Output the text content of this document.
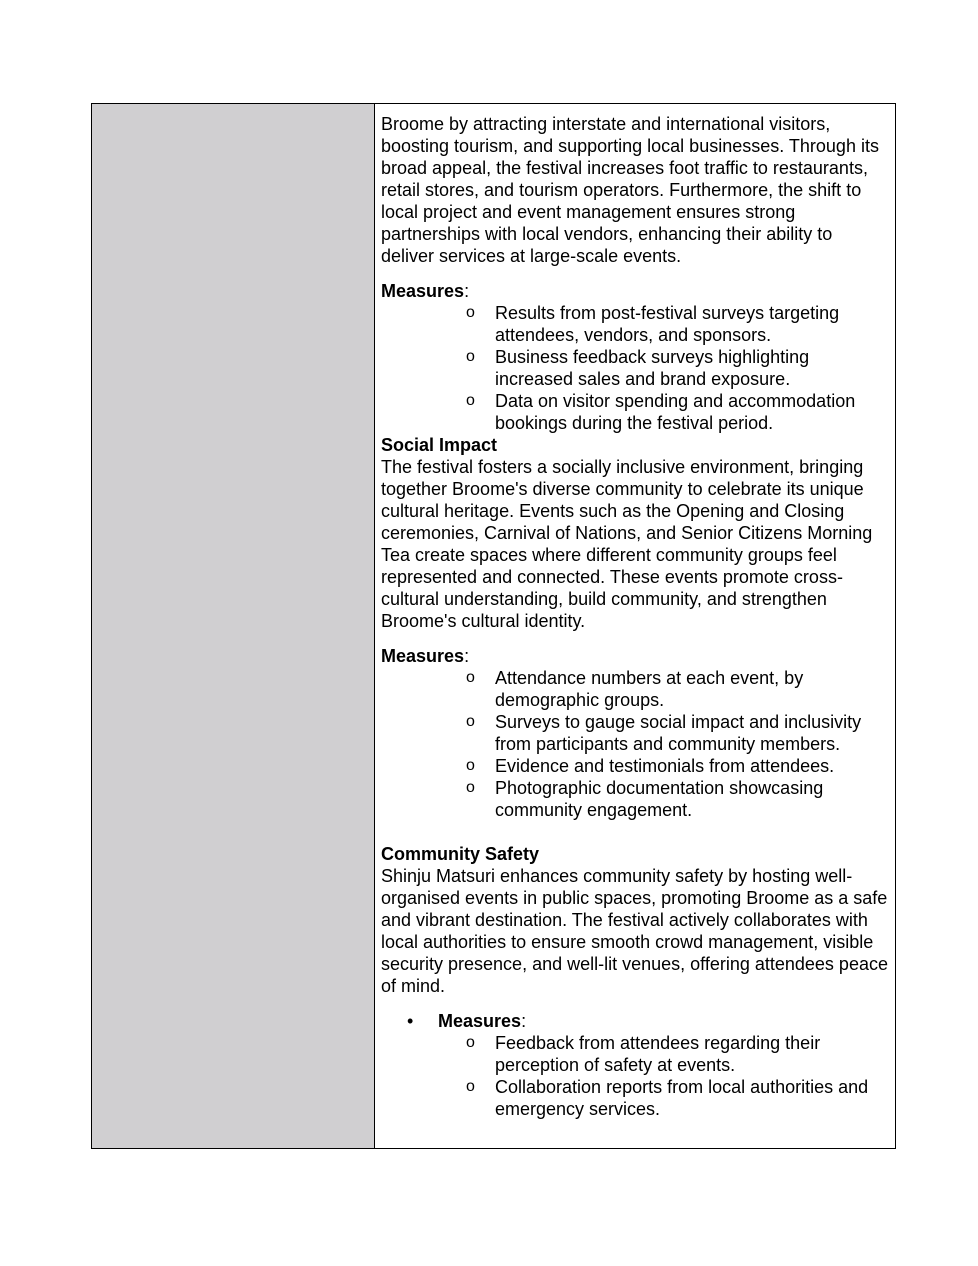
Broome by attracting interstate and international visitors, boosting tourism, and supporting local businesses. Through its broad appeal, the festival increases foot traffic to restaurants, retail stores, and tourism operators. Furthermore, the shift to local project and event management ensures strong partnerships with local vendors, enhancing their ability to deliver services at large-scale events.

Measures:

o Results from post-festival surveys targeting attendees, vendors, and sponsors.
o Business feedback surveys highlighting increased sales and brand exposure.
o Data on visitor spending and accommodation bookings during the festival period.

Social Impact

The festival fosters a socially inclusive environment, bringing together Broome's diverse community to celebrate its unique cultural heritage. Events such as the Opening and Closing ceremonies, Carnival of Nations, and Senior Citizens Morning Tea create spaces where different community groups feel represented and connected. These events promote cross-cultural understanding, build community, and strengthen Broome's cultural identity.

Measures:

o Attendance numbers at each event, by demographic groups.
o Surveys to gauge social impact and inclusivity from participants and community members.
o Evidence and testimonials from attendees.
o Photographic documentation showcasing community engagement.

Community Safety

Shinju Matsuri enhances community safety by hosting well-organised events in public spaces, promoting Broome as a safe and vibrant destination. The festival actively collaborates with local authorities to ensure smooth crowd management, visible security presence, and well-lit venues, offering attendees peace of mind.

• Measures:

o Feedback from attendees regarding their perception of safety at events.
o Collaboration reports from local authorities and emergency services.
